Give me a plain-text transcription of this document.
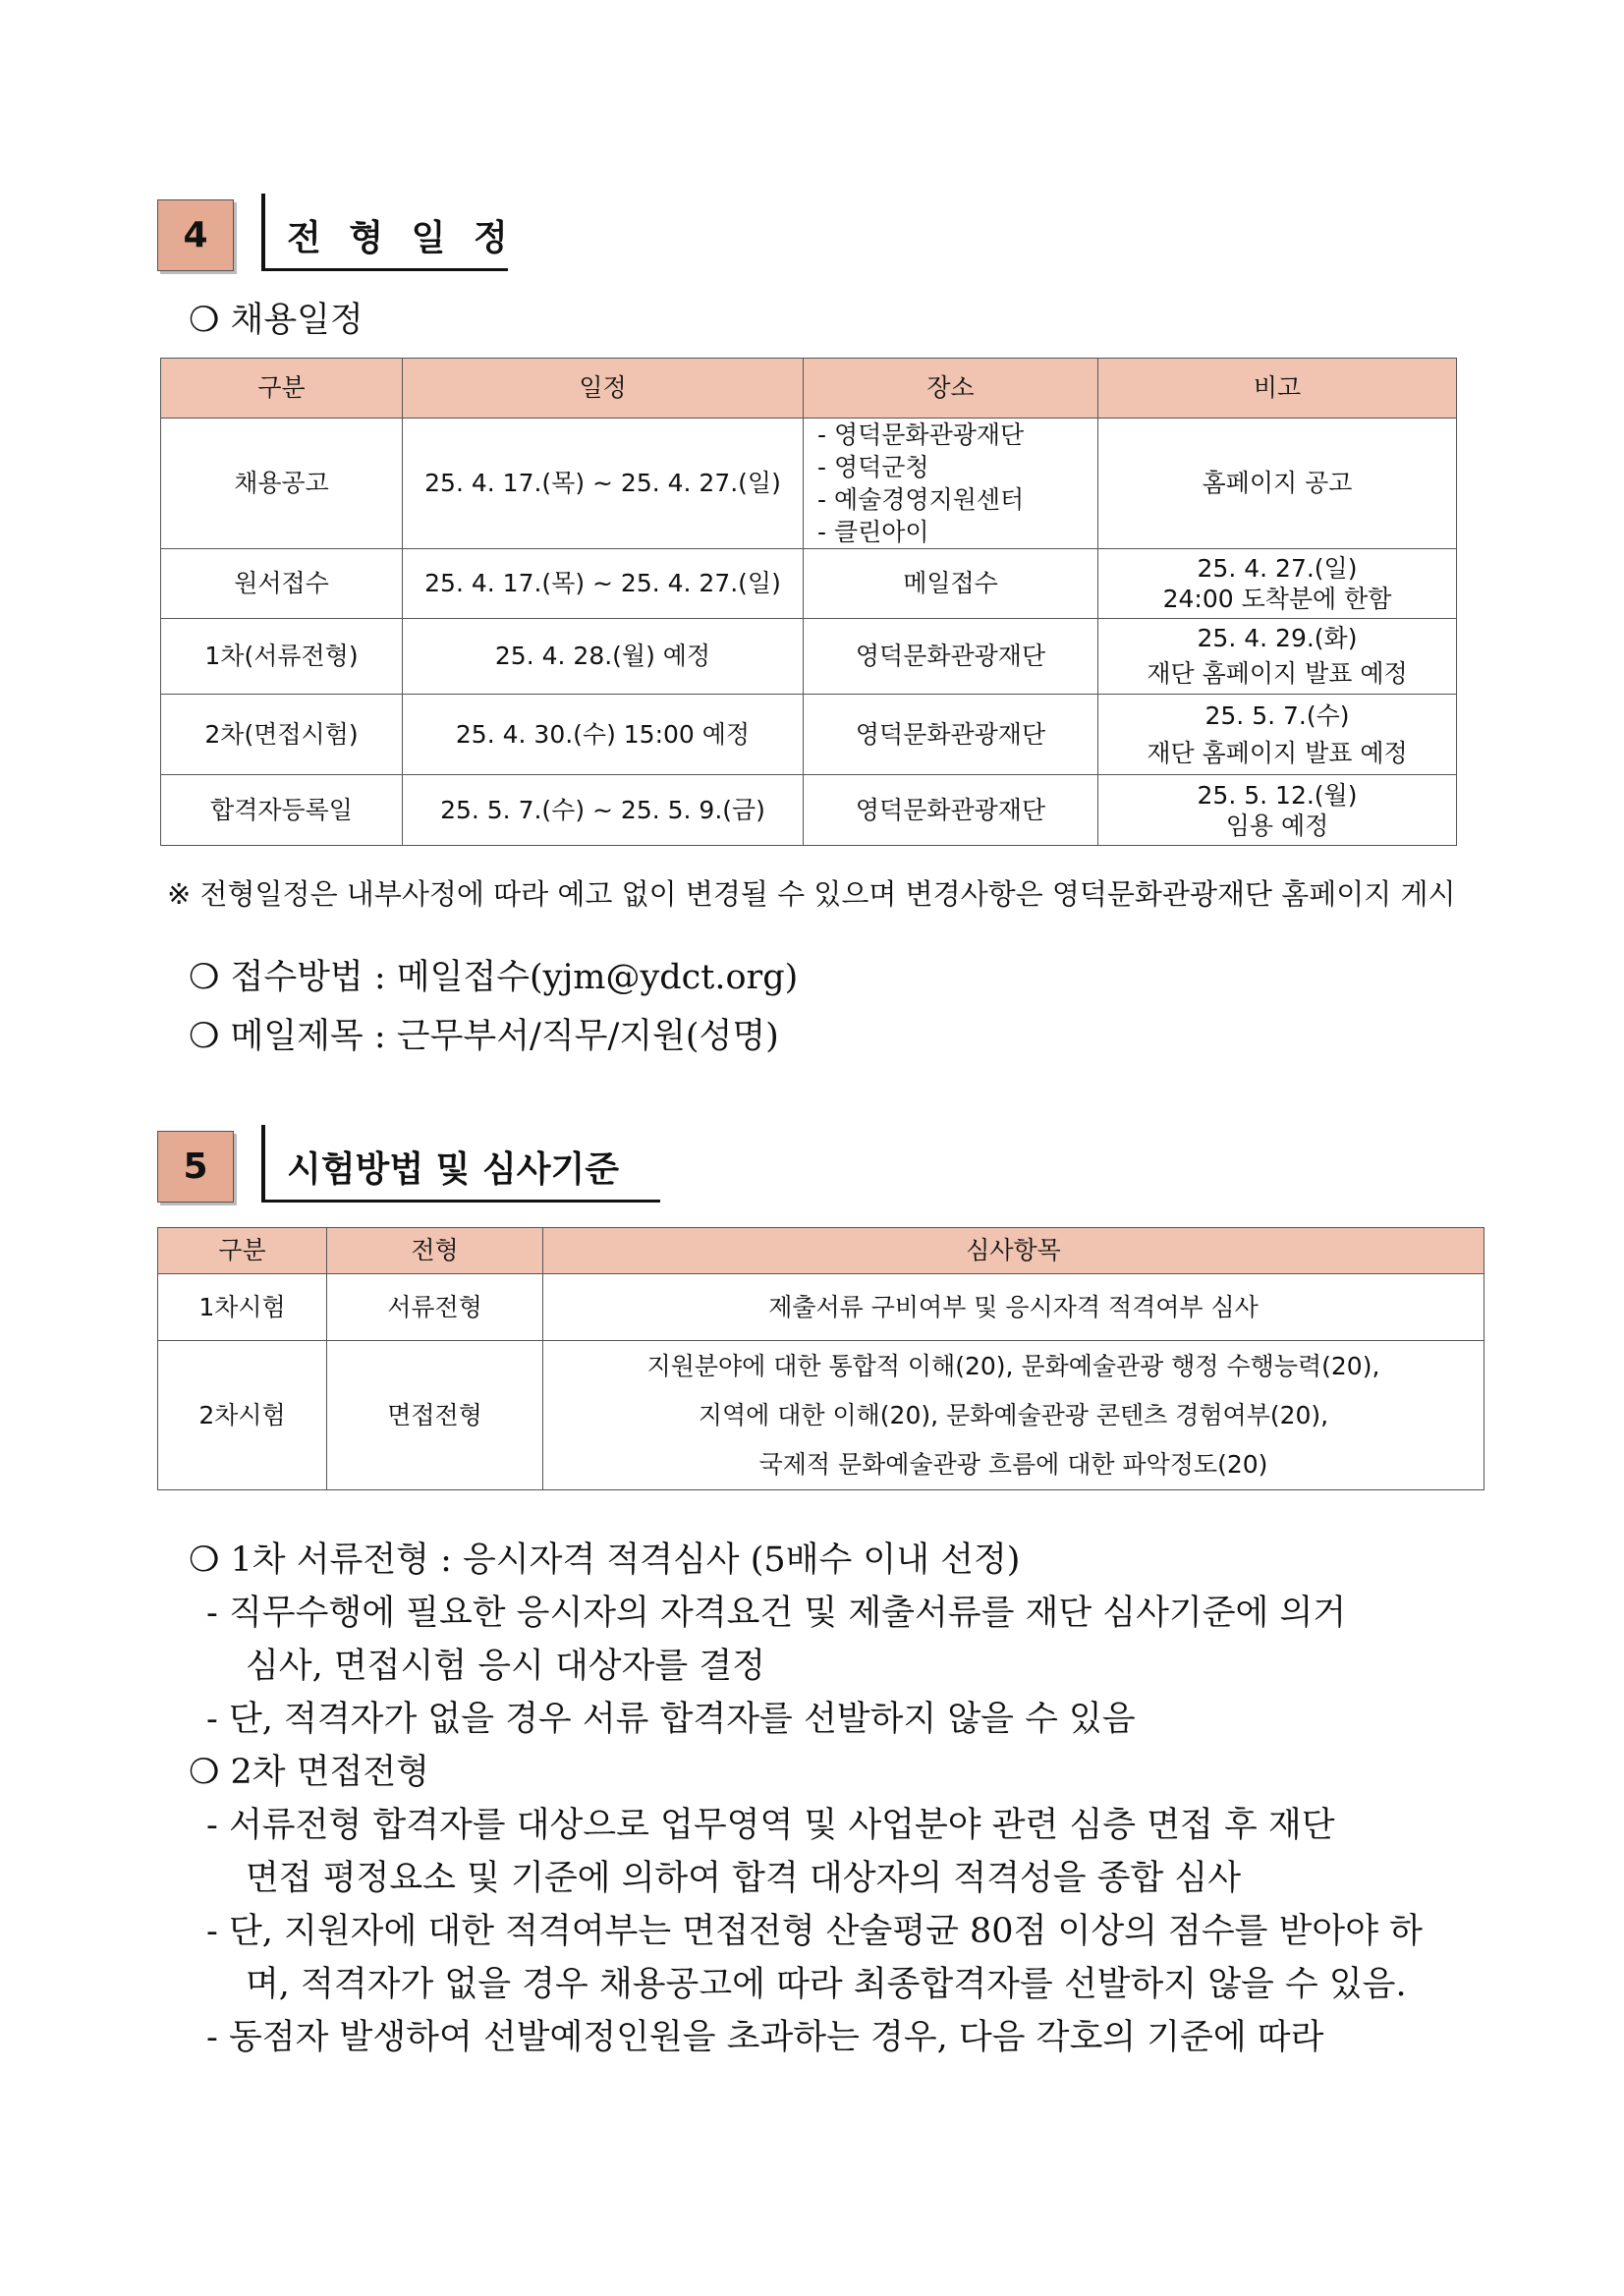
4	전 형 일 정
❍ 채용일정
구분	일정	장소	비고
채용공고	25. 4. 17.(목) ~ 25. 4. 27.(일)	- 영덕문화관광재단
- 영덕군청
- 예술경영지원센터
- 클린아이	홈페이지 공고

원서접수	25. 4. 17.(목) ~ 25. 4. 27.(일)	메일접수	25. 4. 27.(일)
24:00 도착분에 한함

1차(서류전형)	25. 4. 28.(월) 예정	영덕문화관광재단	25. 4. 29.(화)
재단 홈페이지 발표 예정

2차(면접시험)	25. 4. 30.(수) 15:00 예정	영덕문화관광재단	25. 5. 7.(수)
재단 홈페이지 발표 예정

합격자등록일	25. 5. 7.(수) ~ 25. 5. 9.(금)	영덕문화관광재단	25. 5. 12.(월)
임용 예정
※ 전형일정은 내부사정에 따라 예고 없이 변경될 수 있으며 변경사항은 영덕문화관광재단 홈페이지 게시
❍ 접수방법 : 메일접수(yjm@ydct.org)
❍ 메일제목 : 근무부서/직무/지원(성명)
5	시험방법 및 심사기준
구분	전형	심사항목
1차시험	서류전형	제출서류 구비여부 및 응시자격 적격여부 심사
2차시험	면접전형	지원분야에 대한 통합적 이해(20), 문화예술관광 행정 수행능력(20),
지역에 대한 이해(20), 문화예술관광 콘텐츠 경험여부(20),
국제적 문화예술관광 흐름에 대한 파악정도(20)
❍ 1차 서류전형 : 응시자격 적격심사 (5배수 이내 선정)
- 직무수행에 필요한 응시자의 자격요건 및 제출서류를 재단 심사기준에 의거
심사, 면접시험 응시 대상자를 결정
- 단, 적격자가 없을 경우 서류 합격자를 선발하지 않을 수 있음
❍ 2차 면접전형
- 서류전형 합격자를 대상으로 업무영역 및 사업분야 관련 심층 면접 후 재단
면접 평정요소 및 기준에 의하여 합격 대상자의 적격성을 종합 심사
- 단, 지원자에 대한 적격여부는 면접전형 산술평균 80점 이상의 점수를 받아야 하
며, 적격자가 없을 경우 채용공고에 따라 최종합격자를 선발하지 않을 수 있음.
- 동점자 발생하여 선발예정인원을 초과하는 경우, 다음 각호의 기준에 따라
